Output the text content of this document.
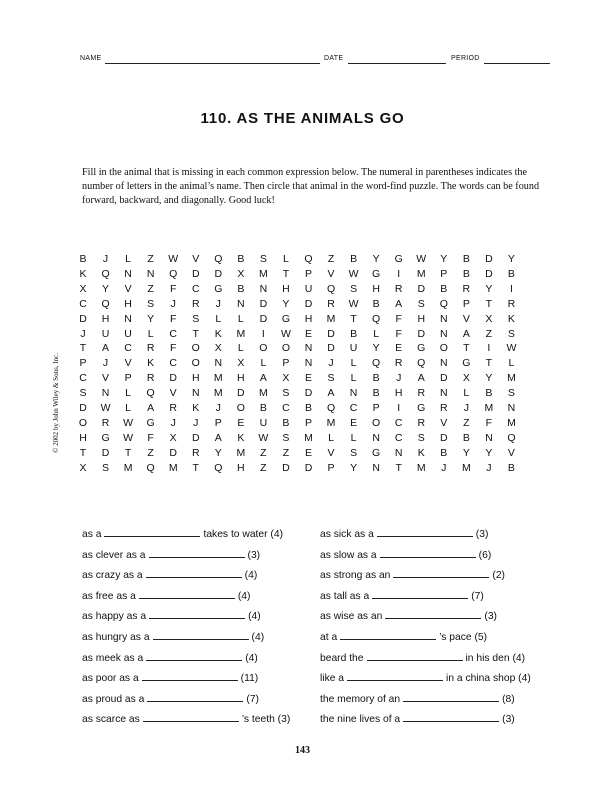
NAME	DATE	PERIOD
110. AS THE ANIMALS GO
Fill in the animal that is missing in each common expression below. The numeral in parentheses indicates the number of letters in the animal’s name. Then circle that animal in the word-find puzzle. The words can be found forward, backward, and diagonally. Good luck!
© 2002 by John Wiley & Sons, Inc.
B	J	L	Z	W	V	Q	B	S	L	Q	Z	B	Y	G	W	Y	B	D	Y
K	Q	N	N	Q	D	D	X	M	T	P	V	W	G	I	M	P	B	D	B
X	Y	V	Z	F	C	G	B	N	H	U	Q	S	H	R	D	B	R	Y	I
C	Q	H	S	J	R	J	N	D	Y	D	R	W	B	A	S	Q	P	T	R
D	H	N	Y	F	S	L	L	D	G	H	M	T	Q	F	H	N	V	X	K
J	U	U	L	C	T	K	M	I	W	E	D	B	L	F	D	N	A	Z	S
T	A	C	R	F	O	X	L	O	O	N	D	U	Y	E	G	O	T	I	W
P	J	V	K	C	O	N	X	L	P	N	J	L	Q	R	Q	N	G	T	L
C	V	P	R	D	H	M	H	A	X	E	S	L	B	J	A	D	X	Y	M
S	N	L	Q	V	N	M	D	M	S	D	A	N	B	H	R	N	L	B	S
D	W	L	A	R	K	J	O	B	C	B	Q	C	P	I	G	R	J	M	N
O	R	W	G	J	J	P	E	U	B	P	M	E	O	C	R	V	Z	F	M
H	G	W	F	X	D	A	K	W	S	M	L	L	N	C	S	D	B	N	Q
T	D	T	Z	D	R	Y	M	Z	Z	E	V	S	G	N	K	B	Y	Y	V
X	S	M	Q	M	T	Q	H	Z	D	D	P	Y	N	T	M	J	M	J	B
as a	takes to water (4)
as clever as a	(3)
as crazy as a	(4)
as free as a	(4)
as happy as a	(4)
as hungry as a	(4)
as meek as a	(4)
as poor as a	(11)
as proud as a	(7)
as scarce as	’s teeth (3)
as sick as a	(3)
as slow as a	(6)
as strong as an	(2)
as tall as a	(7)
as wise as an	(3)
at a	’s pace (5)
beard the	in his den (4)
like a	in a china shop (4)
the memory of an	(8)
the nine lives of a	(3)
143
